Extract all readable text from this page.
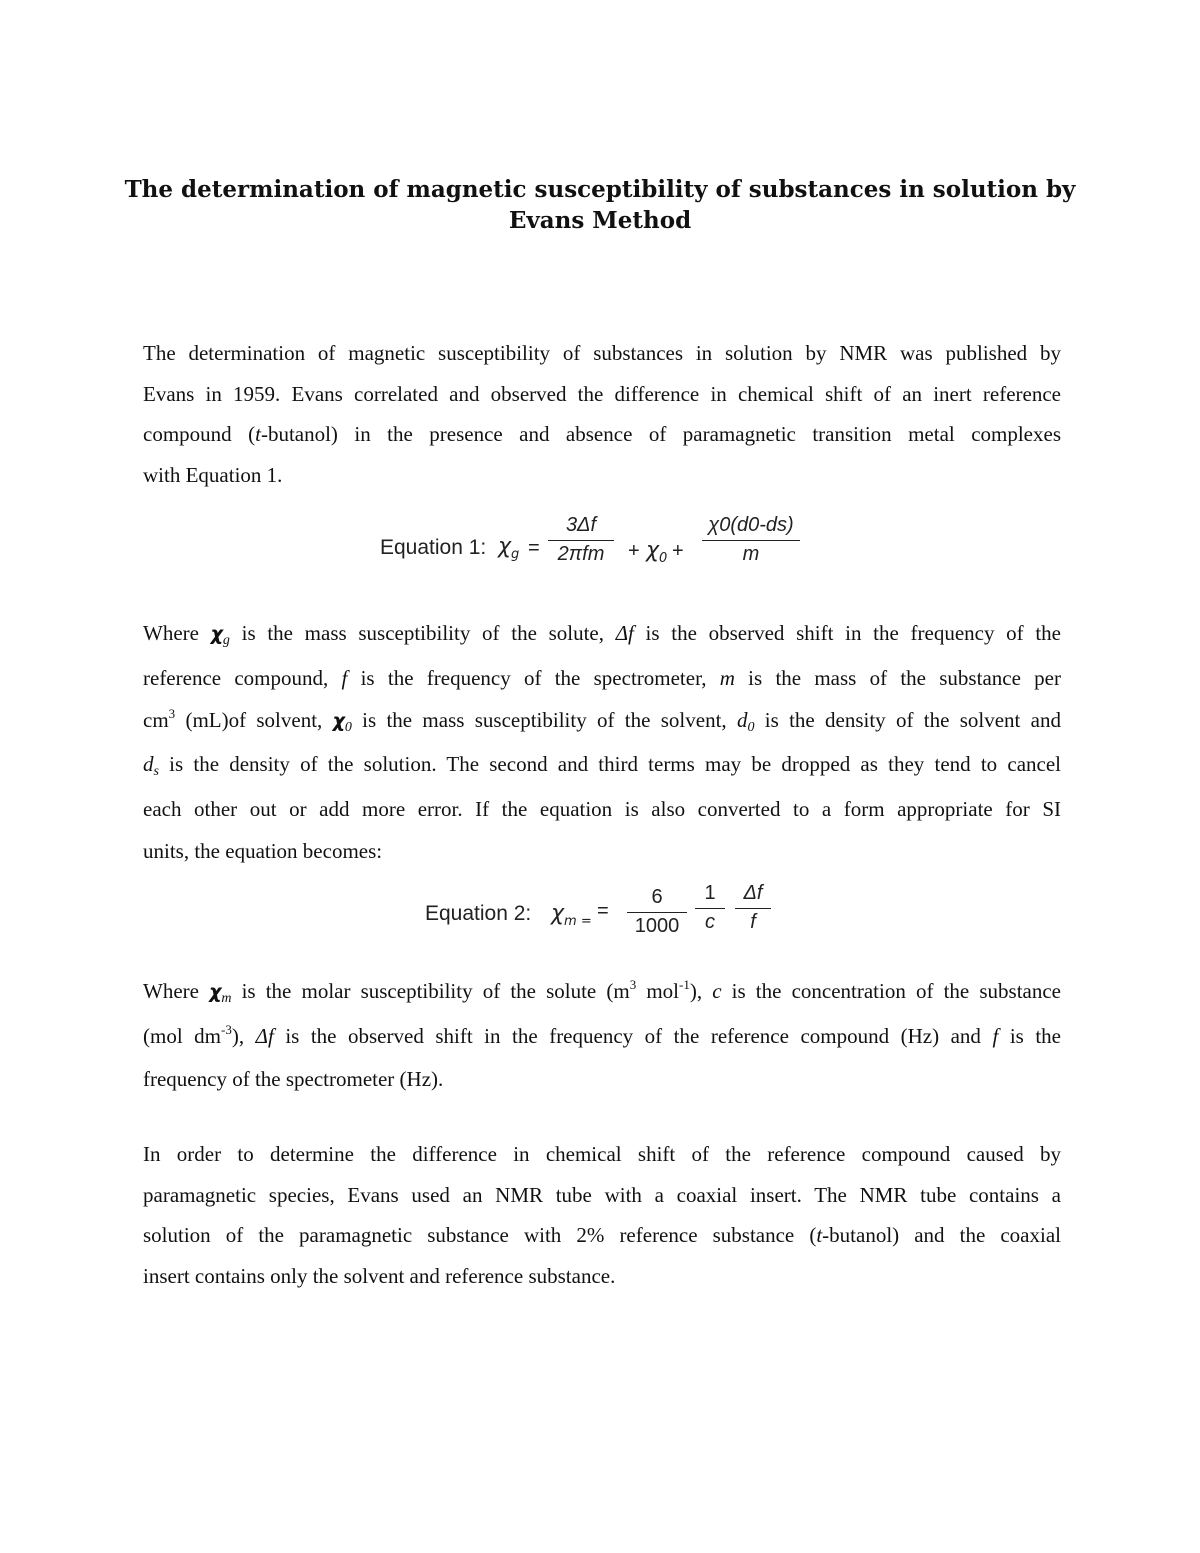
The determination of magnetic susceptibility of substances in solution by
Evans Method
The determination of magnetic susceptibility of substances in solution by NMR was published by
Evans in 1959. Evans correlated and observed the difference in chemical shift of an inert reference
compound (t-butanol) in the presence and absence of paramagnetic transition metal complexes
with Equation 1.
Equation 1: $\chi_g$ =
3Δf
2πfm	+ $\chi_0 + \frac{\chi 0(d0-ds)}{m}$
Where χg is the mass susceptibility of the solute, Δf is the observed shift in the frequency of the
reference compound, f is the frequency of the spectrometer, m is the mass of the substance per
$cm^3$ (mL)of solvent, χ0 is the mass susceptibility of the solvent, d0 is the density of the solvent and
ds is the density of the solution. The second and third terms may be dropped as they tend to cancel
each other out or add more error. If the equation is also converted to a form appropriate for SI
units, the equation becomes:
Equation 2: $\chi_{m =} = \frac{6}{1000} \frac{1}{c} \frac{\Delta f}{f}$
Where χm is the molar susceptibility of the solute ($m^3$ mol$^{-1}$), c is the concentration of the substance
(mol $dm^{-3}$), Δf is the observed shift in the frequency of the reference compound (Hz) and f is the
frequency of the spectrometer (Hz).
In order to determine the difference in chemical shift of the reference compound caused by
paramagnetic species, Evans used an NMR tube with a coaxial insert. The NMR tube contains a
solution of the paramagnetic substance with 2% reference substance (t-butanol) and the coaxial
insert contains only the solvent and reference substance.
